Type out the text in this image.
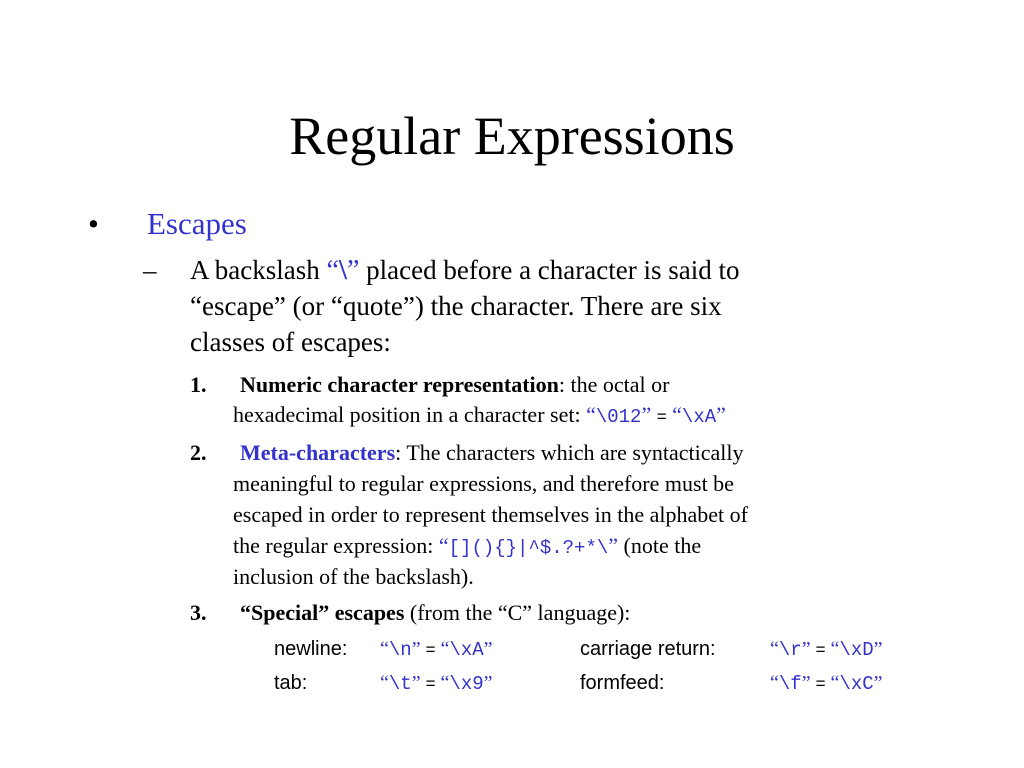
Regular Expressions
• Escapes
– A backslash “\” placed before a character is said to
“escape” (or “quote”) the character. There are six
classes of escapes:
1. Numeric character representation: the octal or
hexadecimal position in a character set: “\012” = “\xA”
2. Meta-characters: The characters which are syntactically
meaningful to regular expressions, and therefore must be
escaped in order to represent themselves in the alphabet of
the regular expression: “[](){}|^$.?+*\” (note the
inclusion of the backslash).
3. “Special” escapes (from the “C” language):
newline: “\n” = “\xA”	carriage return:	“\r” = “\xD”
tab:	“\t” = “\x9”	formfeed:	“\f” = “\xC”
